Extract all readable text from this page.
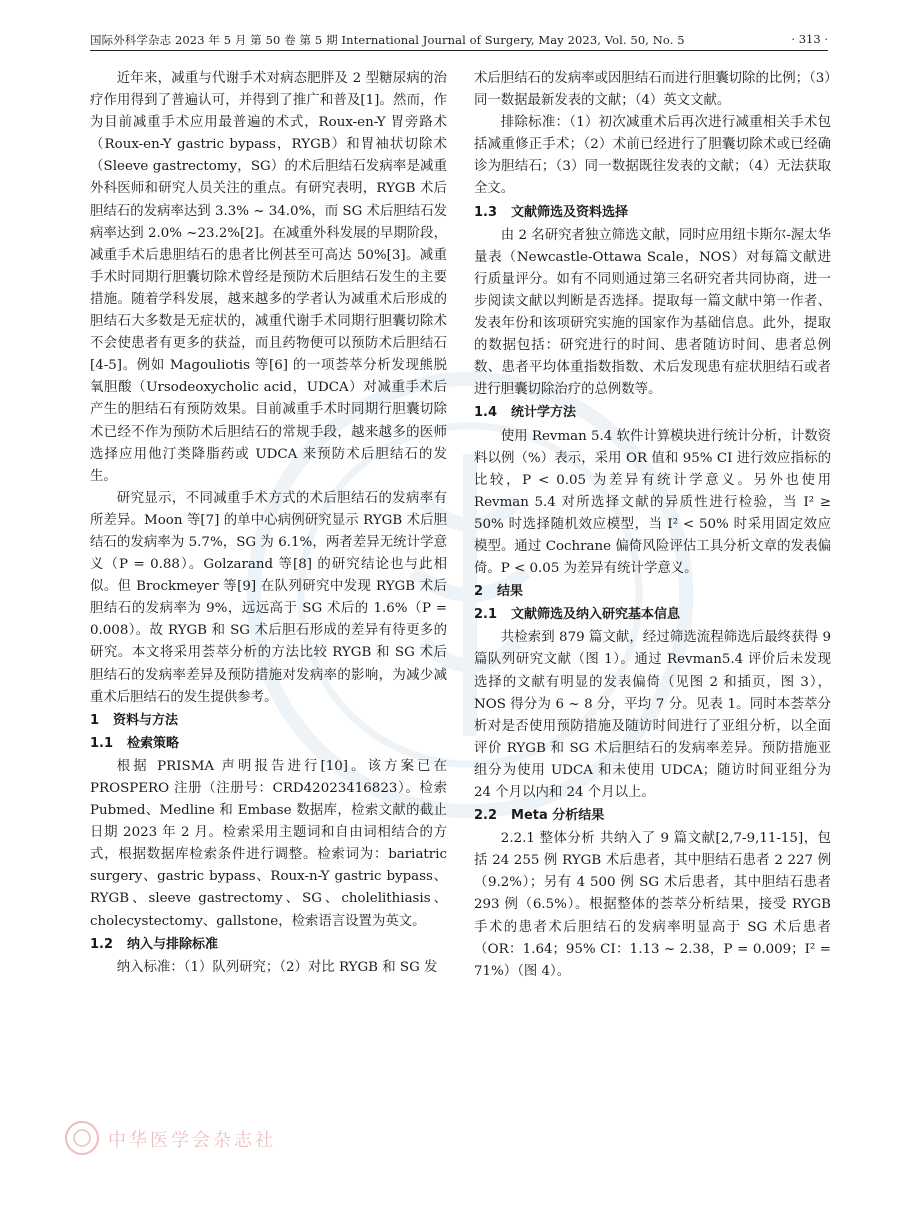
国际外科学杂志 2023 年 5 月 第 50 卷 第 5 期 International Journal of Surgery, May 2023, Vol. 50, No. 5	· 313 ·

近年来，减重与代谢手术对病态肥胖及 2 型糖尿病的治疗作用得到了普遍认可，并得到了推广和普及[1]。然而，作为目前减重手术应用最普遍的术式，Roux-en-Y 胃旁路术（Roux-en-Y gastric bypass，RYGB）和胃袖状切除术（Sleeve gastrectomy，SG）的术后胆结石发病率是减重外科医师和研究人员关注的重点。有研究表明，RYGB 术后胆结石的发病率达到 3.3% ~ 34.0%，而 SG 术后胆结石发病率达到 2.0% ~23.2%[2]。在减重外科发展的早期阶段，减重手术后患胆结石的患者比例甚至可高达 50%[3]。减重手术时同期行胆囊切除术曾经是预防术后胆结石发生的主要措施。随着学科发展，越来越多的学者认为减重术后形成的胆结石大多数是无症状的，减重代谢手术同期行胆囊切除术不会使患者有更多的获益，而且药物便可以预防术后胆结石[4-5]。例如 Magouliotis 等[6] 的一项荟萃分析发现熊脱氧胆酸（Ursodeoxycholic acid，UDCA）对减重手术后产生的胆结石有预防效果。目前减重手术时同期行胆囊切除术已经不作为预防术后胆结石的常规手段，越来越多的医师选择应用他汀类降脂药或 UDCA 来预防术后胆结石的发生。

研究显示，不同减重手术方式的术后胆结石的发病率有所差异。Moon 等[7] 的单中心病例研究显示 RYGB 术后胆结石的发病率为 5.7%，SG 为 6.1%，两者差异无统计学意义（P = 0.88）。Golzarand 等[8] 的研究结论也与此相似。但 Brockmeyer 等[9] 在队列研究中发现 RYGB 术后胆结石的发病率为 9%，远远高于 SG 术后的 1.6%（P = 0.008）。故 RYGB 和 SG 术后胆石形成的差异有待更多的研究。本文将采用荟萃分析的方法比较 RYGB 和 SG 术后胆结石的发病率差异及预防措施对发病率的影响，为减少减重术后胆结石的发生提供参考。

1 资料与方法
1.1 检索策略

根据 PRISMA 声明报告进行[10]。该方案已在 PROSPERO 注册（注册号：CRD42023416823）。检索 Pubmed、Medline 和 Embase 数据库，检索文献的截止日期 2023 年 2 月。检索采用主题词和自由词相结合的方式，根据数据库检索条件进行调整。检索词为：bariatric surgery、gastric bypass、Roux-n-Y gastric bypass、RYGB、sleeve gastrectomy、SG、cholelithiasis、cholecystectomy、gallstone，检索语言设置为英文。

1.2 纳入与排除标准

纳入标准：（1）队列研究；（2）对比 RYGB 和 SG 发

术后胆结石的发病率或因胆结石而进行胆囊切除的比例；（3）同一数据最新发表的文献；（4）英文文献。

排除标准：（1）初次减重术后再次进行减重相关手术包括减重修正手术；（2）术前已经进行了胆囊切除术或已经确诊为胆结石；（3）同一数据既往发表的文献；（4）无法获取全文。

1.3 文献筛选及资料选择

由 2 名研究者独立筛选文献，同时应用纽卡斯尔-渥太华量表（Newcastle-Ottawa Scale，NOS）对每篇文献进行质量评分。如有不同则通过第三名研究者共同协商，进一步阅读文献以判断是否选择。提取每一篇文献中第一作者、发表年份和该项研究实施的国家作为基础信息。此外，提取的数据包括：研究进行的时间、患者随访时间、患者总例数、患者平均体重指数指数、术后发现患有症状胆结石或者进行胆囊切除治疗的总例数等。

1.4 统计学方法

使用 Revman 5.4 软件计算模块进行统计分析，计数资料以例（%）表示，采用 OR 值和 95% CI 进行效应指标的比较，P < 0.05 为差异有统计学意义。另外也使用 Revman 5.4 对所选择文献的异质性进行检验，当 I² ≥ 50% 时选择随机效应模型，当 I² < 50% 时采用固定效应模型。通过 Cochrane 偏倚风险评估工具分析文章的发表偏倚。P < 0.05 为差异有统计学意义。

2 结果
2.1 文献筛选及纳入研究基本信息

共检索到 879 篇文献，经过筛选流程筛选后最终获得 9 篇队列研究文献（图 1）。通过 Revman5.4 评价后未发现选择的文献有明显的发表偏倚（见图 2 和插页，图 3），NOS 得分为 6 ~ 8 分，平均 7 分。见表 1。同时本荟萃分析对是否使用预防措施及随访时间进行了亚组分析，以全面评价 RYGB 和 SG 术后胆结石的发病率差异。预防措施亚组分为使用 UDCA 和未使用 UDCA；随访时间亚组分为 24 个月以内和 24 个月以上。

2.2 Meta 分析结果

2.2.1 整体分析 共纳入了 9 篇文献[2,7-9,11-15]，包括 24 255 例 RYGB 术后患者，其中胆结石患者 2 227 例（9.2%）；另有 4 500 例 SG 术后患者，其中胆结石患者 293 例（6.5%）。根据整体的荟萃分析结果，接受 RYGB 手术的患者术后胆结石的发病率明显高于 SG 术后患者（OR：1.64；95% CI：1.13 ~ 2.38，P = 0.009；I² = 71%）（图 4）。

中华医学会杂志社
